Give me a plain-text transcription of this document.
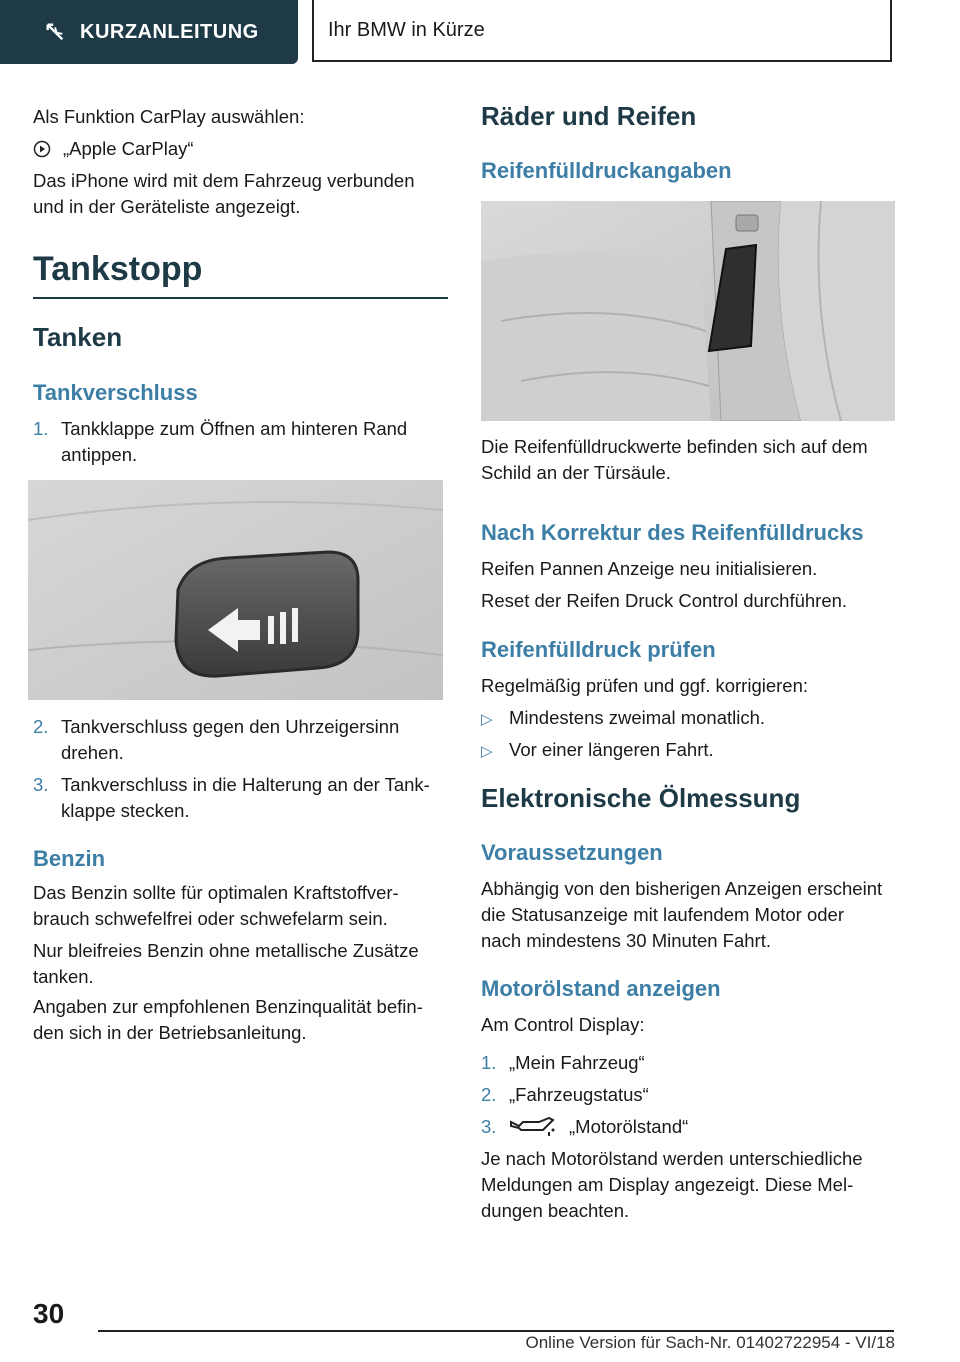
KURZANLEITUNG	Ihr BMW in Kürze
Als Funktion CarPlay auswählen:
„Apple CarPlay“
Das iPhone wird mit dem Fahrzeug verbunden
und in der Geräteliste angezeigt.
Tankstopp
Tanken
Tankverschluss
1. Tankklappe zum Öffnen am hinteren Rand
antippen.
2. Tankverschluss gegen den Uhrzeigersinn
drehen.
3. Tankverschluss in die Halterung an der Tank‐
klappe stecken.
Benzin
Das Benzin sollte für optimalen Kraftstoffver‐
brauch schwefelfrei oder schwefelarm sein.
Nur bleifreies Benzin ohne metallische Zusätze
tanken.
Angaben zur empfohlenen Benzinqualität befin‐
den sich in der Betriebsanleitung.
Räder und Reifen
Reifenfülldruckangaben
Die Reifenfülldruckwerte befinden sich auf dem
Schild an der Türsäule.
Nach Korrektur des Reifenfülldrucks
Reifen Pannen Anzeige neu initialisieren.
Reset der Reifen Druck Control durchführen.
Reifenfülldruck prüfen
Regelmäßig prüfen und ggf. korrigieren:
▷ Mindestens zweimal monatlich.
▷ Vor einer längeren Fahrt.
Elektronische Ölmessung
Voraussetzungen
Abhängig von den bisherigen Anzeigen erscheint
die Statusanzeige mit laufendem Motor oder
nach mindestens 30 Minuten Fahrt.
Motorölstand anzeigen
Am Control Display:
1. „Mein Fahrzeug“
2. „Fahrzeugstatus“
3.	„Motorölstand“
Je nach Motorölstand werden unterschiedliche
Meldungen am Display angezeigt. Diese Mel‐
dungen beachten.
30
Online Version für Sach-Nr. 01402722954 - VI/18
